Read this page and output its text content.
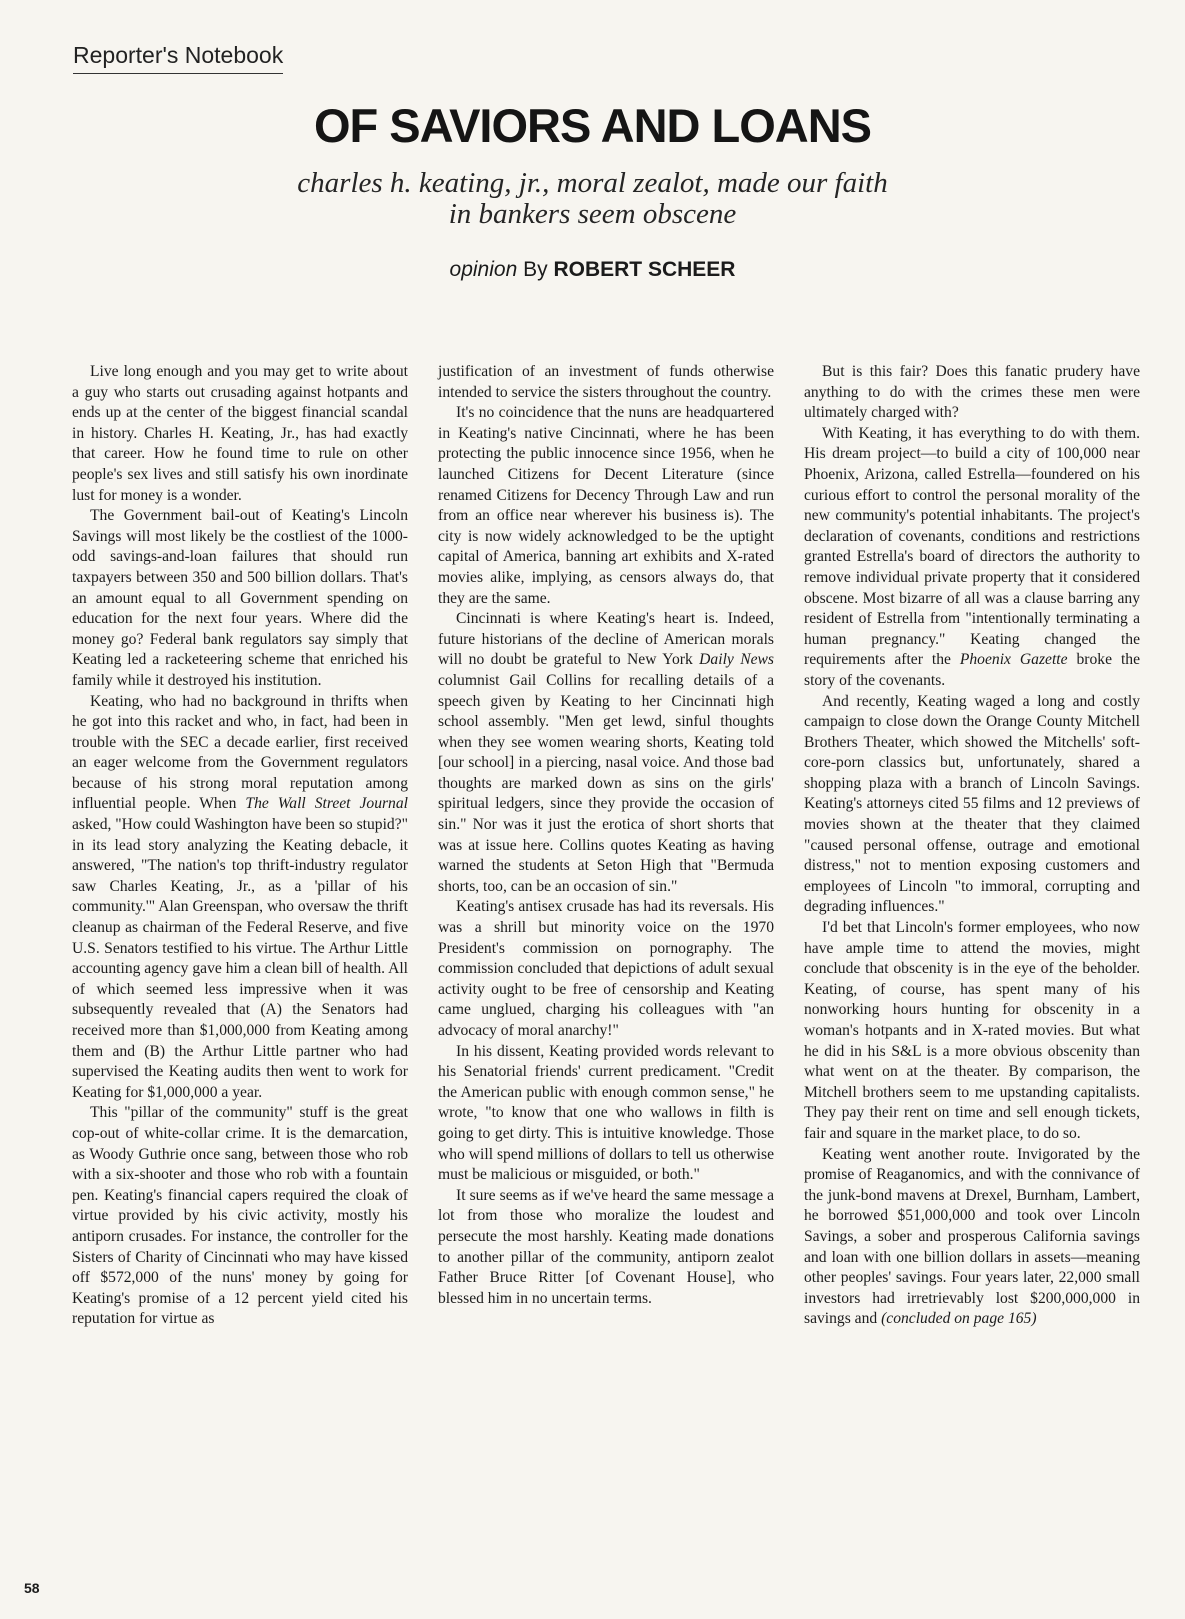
Reporter's Notebook
OF SAVIORS AND LOANS
charles h. keating, jr., moral zealot, made our faith
in bankers seem obscene
opinion By ROBERT SCHEER

Live long enough and you may get to write about a guy who starts out crusading against hotpants and ends up at the center of the biggest financial scandal in history. Charles H. Keating, Jr., has had exactly that career. How he found time to rule on other people's sex lives and still satisfy his own inordinate lust for money is a wonder.

The Government bail-out of Keating's Lincoln Savings will most likely be the costliest of the 1000-odd savings-and-loan failures that should run taxpayers between 350 and 500 billion dollars. That's an amount equal to all Government spending on education for the next four years. Where did the money go? Federal bank regulators say simply that Keating led a racketeering scheme that enriched his family while it destroyed his institution.

Keating, who had no background in thrifts when he got into this racket and who, in fact, had been in trouble with the SEC a decade earlier, first received an eager welcome from the Government regulators because of his strong moral reputation among influential people. When The Wall Street Journal asked, "How could Washington have been so stupid?" in its lead story analyzing the Keating debacle, it answered, "The nation's top thrift-industry regulator saw Charles Keating, Jr., as a 'pillar of his community.'" Alan Greenspan, who oversaw the thrift cleanup as chairman of the Federal Reserve, and five U.S. Senators testified to his virtue. The Arthur Little accounting agency gave him a clean bill of health. All of which seemed less impressive when it was subsequently revealed that (A) the Senators had received more than $1,000,000 from Keating among them and (B) the Arthur Little partner who had supervised the Keating audits then went to work for Keating for $1,000,000 a year.

This "pillar of the community" stuff is the great cop-out of white-collar crime. It is the demarcation, as Woody Guthrie once sang, between those who rob with a six-shooter and those who rob with a fountain pen. Keating's financial capers required the cloak of virtue provided by his civic activity, mostly his antiporn crusades. For instance, the controller for the Sisters of Charity of Cincinnati who may have kissed off $572,000 of the nuns' money by going for Keating's promise of a 12 percent yield cited his reputation for virtue as

justification of an investment of funds otherwise intended to service the sisters throughout the country.

It's no coincidence that the nuns are headquartered in Keating's native Cincinnati, where he has been protecting the public innocence since 1956, when he launched Citizens for Decent Literature (since renamed Citizens for Decency Through Law and run from an office near wherever his business is). The city is now widely acknowledged to be the uptight capital of America, banning art exhibits and X-rated movies alike, implying, as censors always do, that they are the same.

Cincinnati is where Keating's heart is. Indeed, future historians of the decline of American morals will no doubt be grateful to New York Daily News columnist Gail Collins for recalling details of a speech given by Keating to her Cincinnati high school assembly. "Men get lewd, sinful thoughts when they see women wearing shorts, Keating told [our school] in a piercing, nasal voice. And those bad thoughts are marked down as sins on the girls' spiritual ledgers, since they provide the occasion of sin." Nor was it just the erotica of short shorts that was at issue here. Collins quotes Keating as having warned the students at Seton High that "Bermuda shorts, too, can be an occasion of sin."

Keating's antisex crusade has had its reversals. His was a shrill but minority voice on the 1970 President's commission on pornography. The commission concluded that depictions of adult sexual activity ought to be free of censorship and Keating came unglued, charging his colleagues with "an advocacy of moral anarchy!"

In his dissent, Keating provided words relevant to his Senatorial friends' current predicament. "Credit the American public with enough common sense," he wrote, "to know that one who wallows in filth is going to get dirty. This is intuitive knowledge. Those who will spend millions of dollars to tell us otherwise must be malicious or misguided, or both."

It sure seems as if we've heard the same message a lot from those who moralize the loudest and persecute the most harshly. Keating made donations to another pillar of the community, antiporn zealot Father Bruce Ritter [of Covenant House], who blessed him in no uncertain terms.

But is this fair? Does this fanatic prudery have anything to do with the crimes these men were ultimately charged with?

With Keating, it has everything to do with them. His dream project—to build a city of 100,000 near Phoenix, Arizona, called Estrella—foundered on his curious effort to control the personal morality of the new community's potential inhabitants. The project's declaration of covenants, conditions and restrictions granted Estrella's board of directors the authority to remove individual private property that it considered obscene. Most bizarre of all was a clause barring any resident of Estrella from "intentionally terminating a human pregnancy." Keating changed the requirements after the Phoenix Gazette broke the story of the covenants.

And recently, Keating waged a long and costly campaign to close down the Orange County Mitchell Brothers Theater, which showed the Mitchells' soft-core-porn classics but, unfortunately, shared a shopping plaza with a branch of Lincoln Savings. Keating's attorneys cited 55 films and 12 previews of movies shown at the theater that they claimed "caused personal offense, outrage and emotional distress," not to mention exposing customers and employees of Lincoln "to immoral, corrupting and degrading influences."

I'd bet that Lincoln's former employees, who now have ample time to attend the movies, might conclude that obscenity is in the eye of the beholder. Keating, of course, has spent many of his nonworking hours hunting for obscenity in a woman's hotpants and in X-rated movies. But what he did in his S&L is a more obvious obscenity than what went on at the theater. By comparison, the Mitchell brothers seem to me upstanding capitalists. They pay their rent on time and sell enough tickets, fair and square in the market place, to do so.

Keating went another route. Invigorated by the promise of Reaganomics, and with the connivance of the junk-bond mavens at Drexel, Burnham, Lambert, he borrowed $51,000,000 and took over Lincoln Savings, a sober and prosperous California savings and loan with one billion dollars in assets—meaning other peoples' savings. Four years later, 22,000 small investors had irretrievably lost $200,000,000 in savings and (concluded on page 165)

58
